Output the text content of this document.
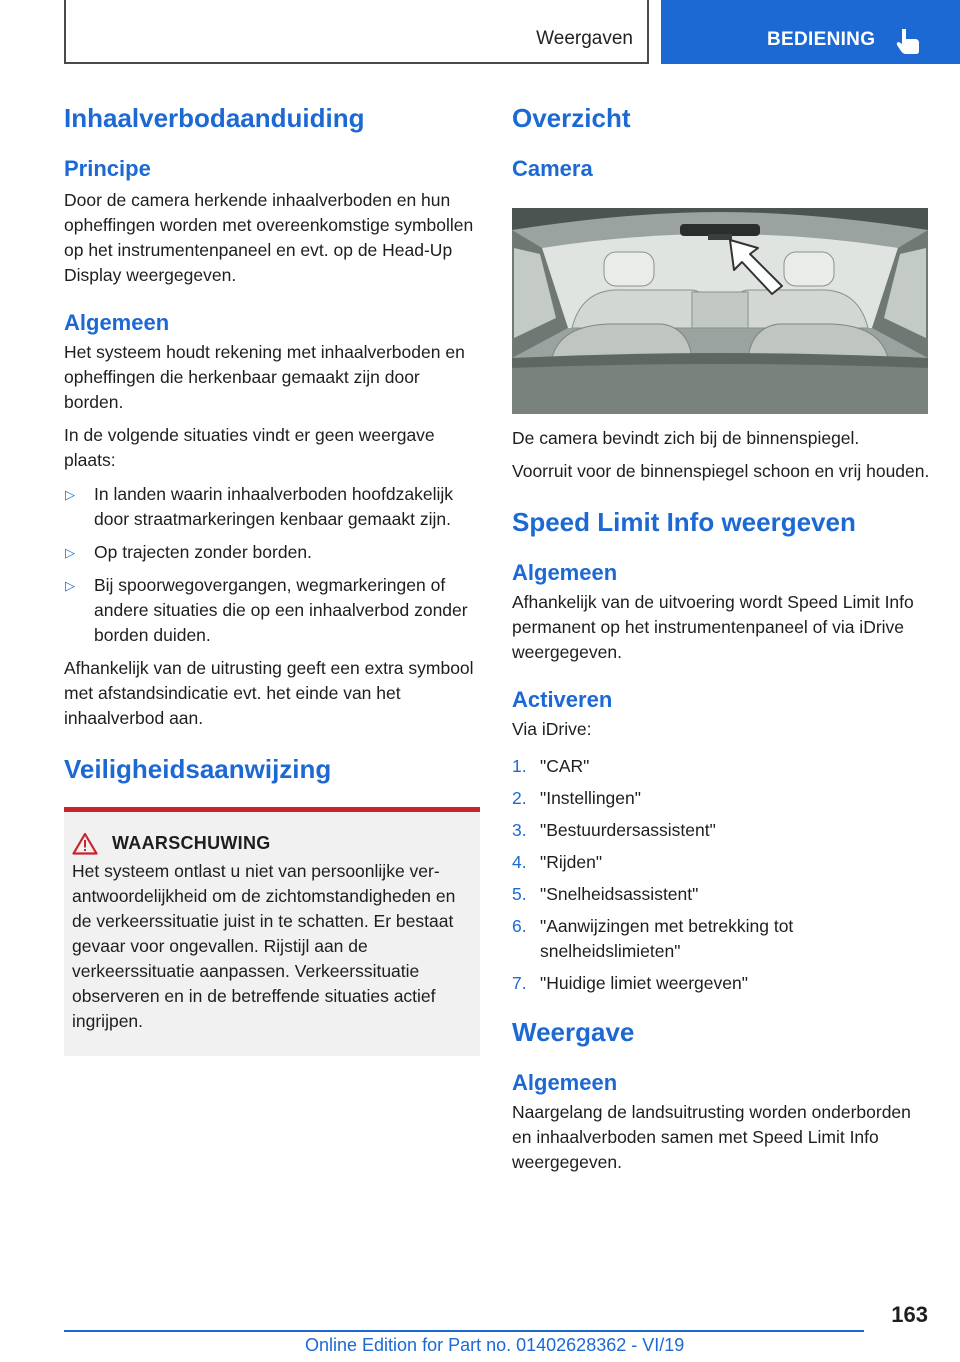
Weergaven	BEDIENING
Inhaalverbodaanduiding
Principe

Door de camera herkende inhaalverboden en hun opheffingen worden met overeenkomstige symbollen op het instrumentenpaneel en evt. op de Head-Up Display weergegeven.

Algemeen

Het systeem houdt rekening met inhaalverboden en opheffingen die herkenbaar gemaakt zijn door borden.

In de volgende situaties vindt er geen weergave plaats:

▷ In landen waarin inhaalverboden hoofdzakelijk door straatmarkeringen kenbaar gemaakt zijn.
▷ Op trajecten zonder borden.
▷ Bij spoorwegovergangen, wegmarkeringen of andere situaties die op een inhaalverbod zonder borden duiden.

Afhankelijk van de uitrusting geeft een extra symbool met afstandsindicatie evt. het einde van het inhaalverbod aan.

Veiligheidsaanwijzing
WAARSCHUWING

Het systeem ontlast u niet van persoonlijke verantwoordelijkheid om de zichtomstandigheden en de verkeerssituatie juist in te schatten. Er bestaat gevaar voor ongevallen. Rijstijl aan de verkeerssituatie aanpassen. Verkeerssituatie observeren en in de betreffende situaties actief ingrijpen.

Overzicht
Camera

De camera bevindt zich bij de binnenspiegel.

Voorruit voor de binnenspiegel schoon en vrij houden.

Speed Limit Info weergeven
Algemeen

Afhankelijk van de uitvoering wordt Speed Limit Info permanent op het instrumentenpaneel of via iDrive weergegeven.

Activeren

Via iDrive:

1. "CAR"
2. "Instellingen"
3. "Bestuurdersassistent"
4. "Rijden"
5. "Snelheidsassistent"
6. "Aanwijzingen met betrekking tot snelheidslimieten"
7. "Huidige limiet weergeven"
Weergave
Algemeen

Naargelang de landsuitrusting worden onderborden en inhaalverboden samen met Speed Limit Info weergegeven.

163
Online Edition for Part no. 01402628362 - VI/19
